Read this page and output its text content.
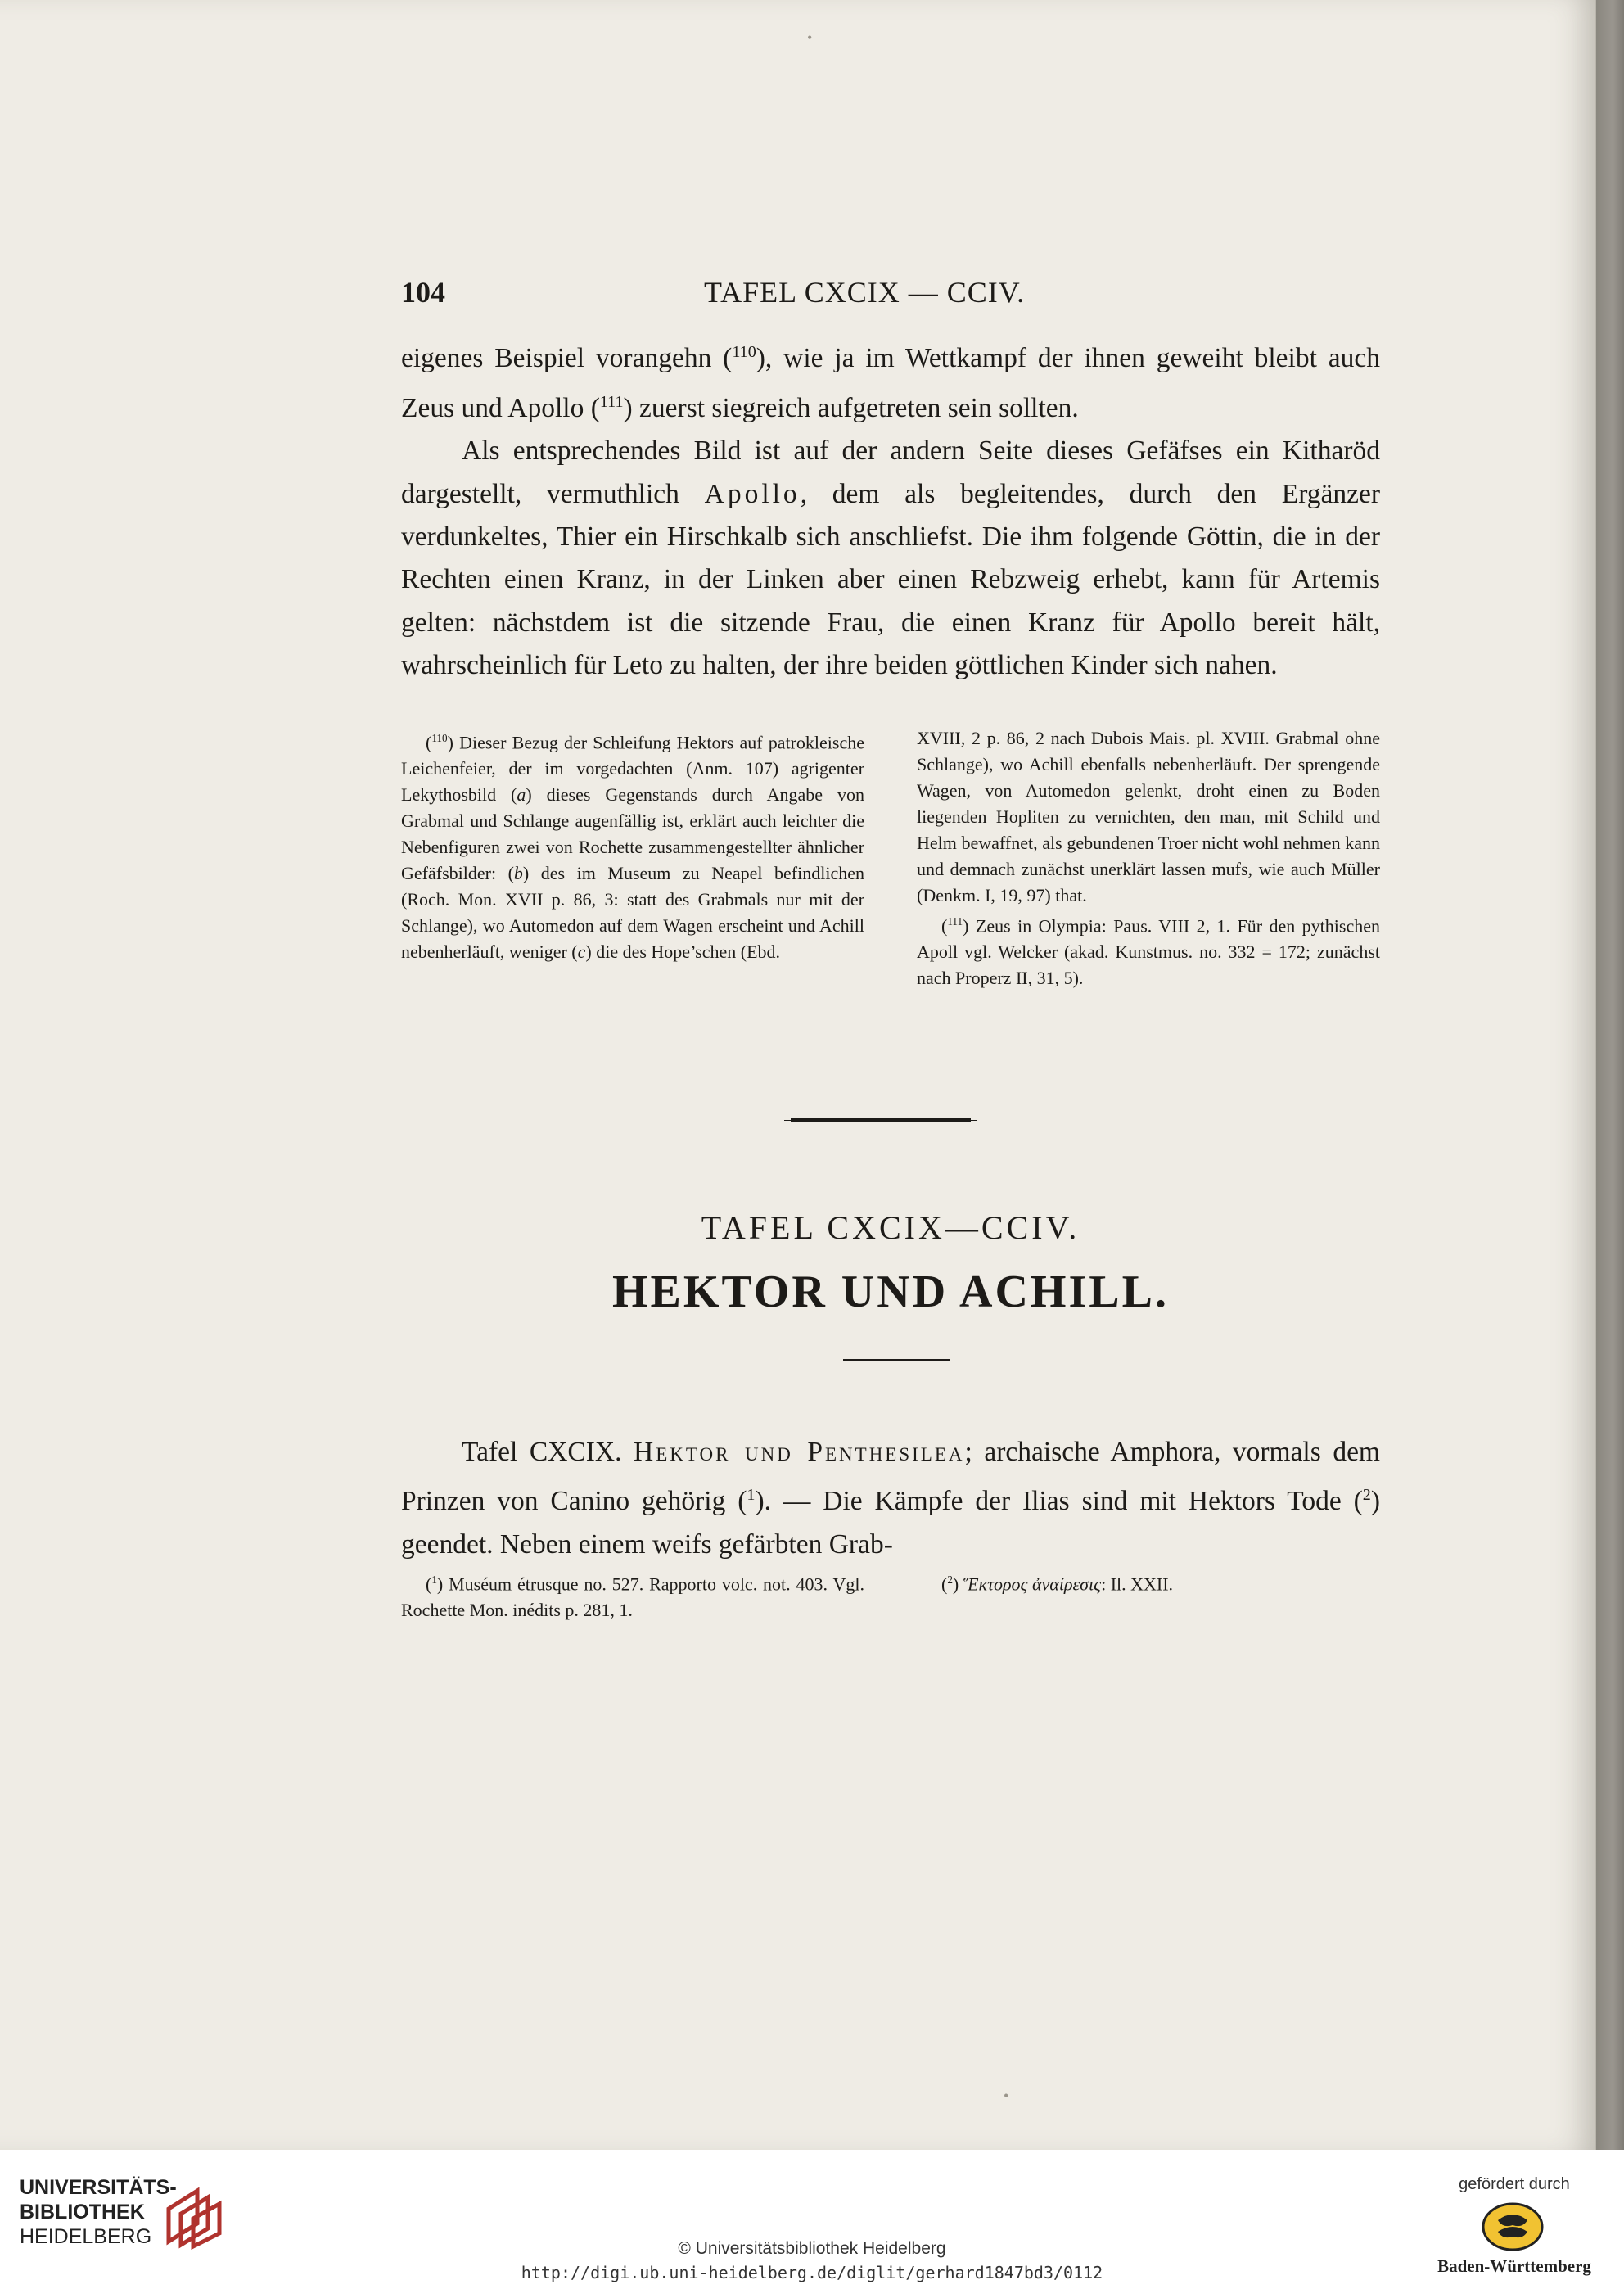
104	TAFEL CXCIX — CCIV.

eigenes Beispiel vorangehn ($^{110}$), wie ja im Wettkampf der ihnen geweiht bleibt auch Zeus und Apollo ($^{111}$) zuerst siegreich aufgetreten sein sollten.

Als entsprechendes Bild ist auf der andern Seite dieses Gefäfses ein Kitharöd dargestellt, vermuthlich Apollo, dem als begleitendes, durch den Ergänzer verdunkeltes, Thier ein Hirschkalb sich anschliefst. Die ihm folgende Göttin, die in der Rechten einen Kranz, in der Linken aber einen Rebzweig erhebt, kann für Artemis gelten: nächstdem ist die sitzende Frau, die einen Kranz für Apollo bereit hält, wahrscheinlich für Leto zu halten, der ihre beiden göttlichen Kinder sich nahen.

($^{110}$) Dieser Bezug der Schleifung Hektors auf patrokleische Leichenfeier, der im vorgedachten (Anm. 107) agrigenter Lekythosbild (a) dieses Gegenstands durch Angabe von Grabmal und Schlange augenfällig ist, erklärt auch leichter die Nebenfiguren zwei von Rochette zusammengestellter ähnlicher Gefäfsbilder: (b) des im Museum zu Neapel befindlichen (Roch. Mon. XVII p. 86, 3: statt des Grabmals nur mit der Schlange), wo Automedon auf dem Wagen erscheint und Achill nebenherläuft, weniger (c) die des Hope’schen (Ebd.

XVIII, 2 p. 86, 2 nach Dubois Mais. pl. XVIII. Grabmal ohne Schlange), wo Achill ebenfalls nebenherläuft. Der sprengende Wagen, von Automedon gelenkt, droht einen zu Boden liegenden Hopliten zu vernichten, den man, mit Schild und Helm bewaffnet, als gebundenen Troer nicht wohl nehmen kann und demnach zunächst unerklärt lassen mufs, wie auch Müller (Denkm. I, 19, 97) that.

($^{111}$) Zeus in Olympia: Paus. VIII 2, 1. Für den pythischen Apoll vgl. Welcker (akad. Kunstmus. no. 332 = 172; zunächst nach Properz II, 31, 5).

TAFEL CXCIX—CCIV.
HEKTOR UND ACHILL.

Tafel CXCIX. Hektor und Penthesilea; archaische Amphora, vormals dem Prinzen von Canino gehörig ($^1$). — Die Kämpfe der Ilias sind mit Hektors Tode ($^2$) geendet. Neben einem weifs gefärbten Grab-

($^1$) Muséum étrusque no. 527. Rapporto volc. not. 403. Vgl. Rochette Mon. inédits p. 281, 1.

($^2$) Ἕκτορος ἀναίρεσις: Il. XXII.

•
•
UNIVERSITÄTS-
BIBLIOTHEK
HEIDELBERG
© Universitätsbibliothek Heidelberg
http://digi.ub.uni-heidelberg.de/diglit/gerhard1847bd3/0112
gefördert durch
Baden-Württemberg
